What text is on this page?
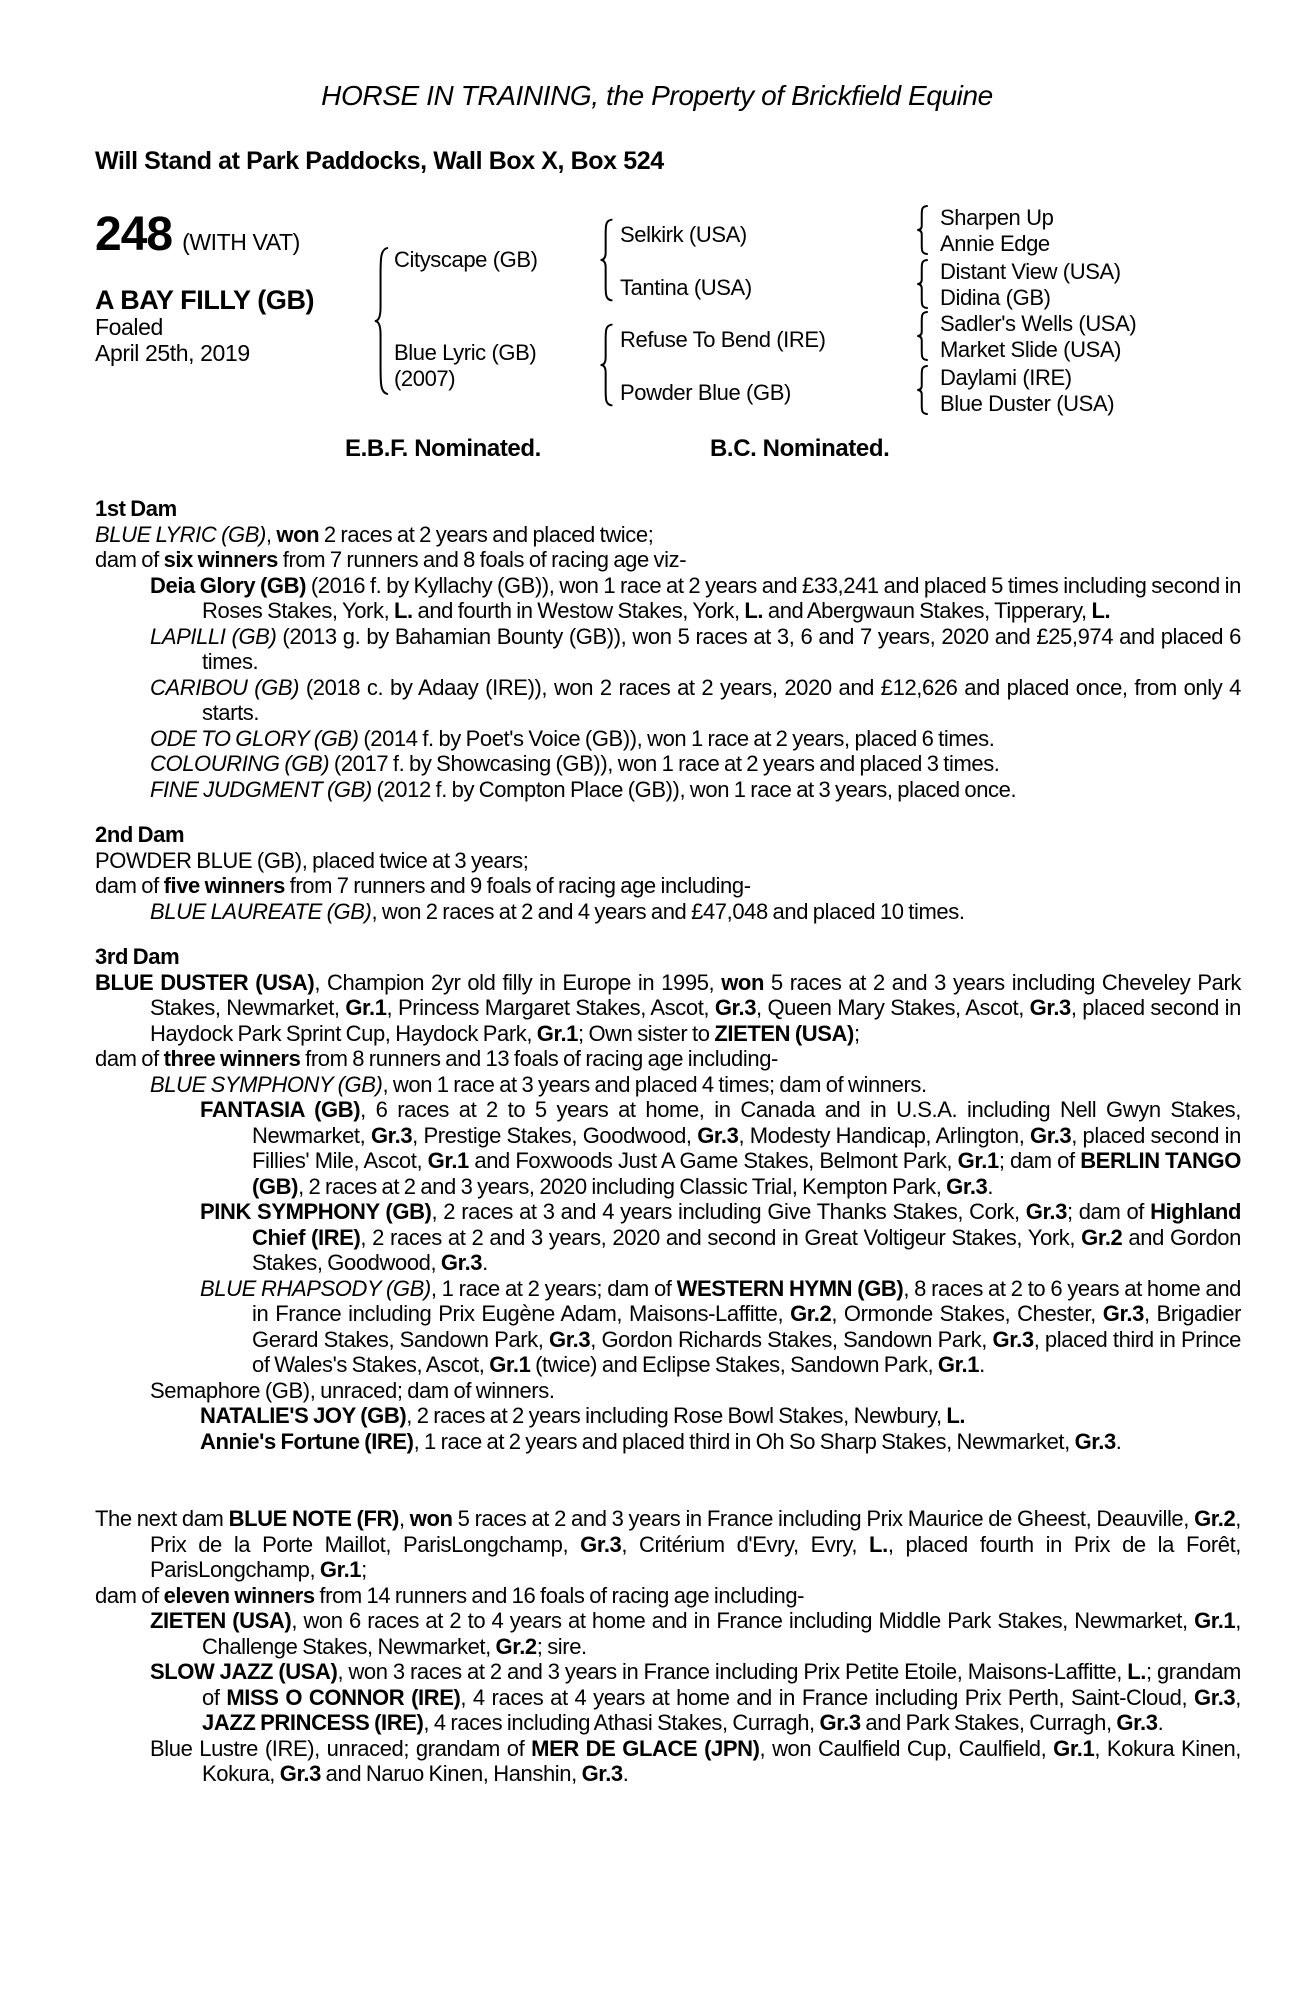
HORSE IN TRAINING, the Property of Brickfield Equine
Will Stand at Park Paddocks, Wall Box X, Box 524
248 (WITH VAT)
A BAY FILLY (GB)
Foaled
April 25th, 2019
Cityscape (GB)
Blue Lyric (GB)
(2007)
Selkirk (USA)
Tantina (USA)
Refuse To Bend (IRE)
Powder Blue (GB)
Sharpen Up
Annie Edge
Distant View (USA)
Didina (GB)
Sadler's Wells (USA)
Market Slide (USA)
Daylami (IRE)
Blue Duster (USA)
E.B.F. Nominated.	B.C. Nominated.
1st Dam
BLUE LYRIC (GB), won 2 races at 2 years and placed twice;
dam of six winners from 7 runners and 8 foals of racing age viz-
Deia Glory (GB) (2016 f. by Kyllachy (GB)), won 1 race at 2 years and £33,241 and placed 5 times including second in Roses Stakes, York, L. and fourth in Westow Stakes, York, L. and Abergwaun Stakes, Tipperary, L.
LAPILLI (GB) (2013 g. by Bahamian Bounty (GB)), won 5 races at 3, 6 and 7 years, 2020 and £25,974 and placed 6 times.
CARIBOU (GB) (2018 c. by Adaay (IRE)), won 2 races at 2 years, 2020 and £12,626 and placed once, from only 4 starts.
ODE TO GLORY (GB) (2014 f. by Poet's Voice (GB)), won 1 race at 2 years, placed 6 times.
COLOURING (GB) (2017 f. by Showcasing (GB)), won 1 race at 2 years and placed 3 times.
FINE JUDGMENT (GB) (2012 f. by Compton Place (GB)), won 1 race at 3 years, placed once.
2nd Dam
POWDER BLUE (GB), placed twice at 3 years;
dam of five winners from 7 runners and 9 foals of racing age including-
BLUE LAUREATE (GB), won 2 races at 2 and 4 years and £47,048 and placed 10 times.
3rd Dam
BLUE DUSTER (USA), Champion 2yr old filly in Europe in 1995, won 5 races at 2 and 3 years including Cheveley Park Stakes, Newmarket, Gr.1, Princess Margaret Stakes, Ascot, Gr.3, Queen Mary Stakes, Ascot, Gr.3, placed second in Haydock Park Sprint Cup, Haydock Park, Gr.1; Own sister to ZIETEN (USA);
dam of three winners from 8 runners and 13 foals of racing age including-
BLUE SYMPHONY (GB), won 1 race at 3 years and placed 4 times; dam of winners.
FANTASIA (GB), 6 races at 2 to 5 years at home, in Canada and in U.S.A. including Nell Gwyn Stakes, Newmarket, Gr.3, Prestige Stakes, Goodwood, Gr.3, Modesty Handicap, Arlington, Gr.3, placed second in Fillies' Mile, Ascot, Gr.1 and Foxwoods Just A Game Stakes, Belmont Park, Gr.1; dam of BERLIN TANGO (GB), 2 races at 2 and 3 years, 2020 including Classic Trial, Kempton Park, Gr.3.
PINK SYMPHONY (GB), 2 races at 3 and 4 years including Give Thanks Stakes, Cork, Gr.3; dam of Highland Chief (IRE), 2 races at 2 and 3 years, 2020 and second in Great Voltigeur Stakes, York, Gr.2 and Gordon Stakes, Goodwood, Gr.3.
BLUE RHAPSODY (GB), 1 race at 2 years; dam of WESTERN HYMN (GB), 8 races at 2 to 6 years at home and in France including Prix Eugène Adam, Maisons-Laffitte, Gr.2, Ormonde Stakes, Chester, Gr.3, Brigadier Gerard Stakes, Sandown Park, Gr.3, Gordon Richards Stakes, Sandown Park, Gr.3, placed third in Prince of Wales's Stakes, Ascot, Gr.1 (twice) and Eclipse Stakes, Sandown Park, Gr.1.
Semaphore (GB), unraced; dam of winners.
NATALIE'S JOY (GB), 2 races at 2 years including Rose Bowl Stakes, Newbury, L.
Annie's Fortune (IRE), 1 race at 2 years and placed third in Oh So Sharp Stakes, Newmarket, Gr.3.
The next dam BLUE NOTE (FR), won 5 races at 2 and 3 years in France including Prix Maurice de Gheest, Deauville, Gr.2, Prix de la Porte Maillot, ParisLongchamp, Gr.3, Critérium d'Evry, Evry, L., placed fourth in Prix de la Forêt, ParisLongchamp, Gr.1;
dam of eleven winners from 14 runners and 16 foals of racing age including-
ZIETEN (USA), won 6 races at 2 to 4 years at home and in France including Middle Park Stakes, Newmarket, Gr.1, Challenge Stakes, Newmarket, Gr.2; sire.
SLOW JAZZ (USA), won 3 races at 2 and 3 years in France including Prix Petite Etoile, Maisons-Laffitte, L.; grandam of MISS O CONNOR (IRE), 4 races at 4 years at home and in France including Prix Perth, Saint-Cloud, Gr.3, JAZZ PRINCESS (IRE), 4 races including Athasi Stakes, Curragh, Gr.3 and Park Stakes, Curragh, Gr.3.
Blue Lustre (IRE), unraced; grandam of MER DE GLACE (JPN), won Caulfield Cup, Caulfield, Gr.1, Kokura Kinen, Kokura, Gr.3 and Naruo Kinen, Hanshin, Gr.3.
